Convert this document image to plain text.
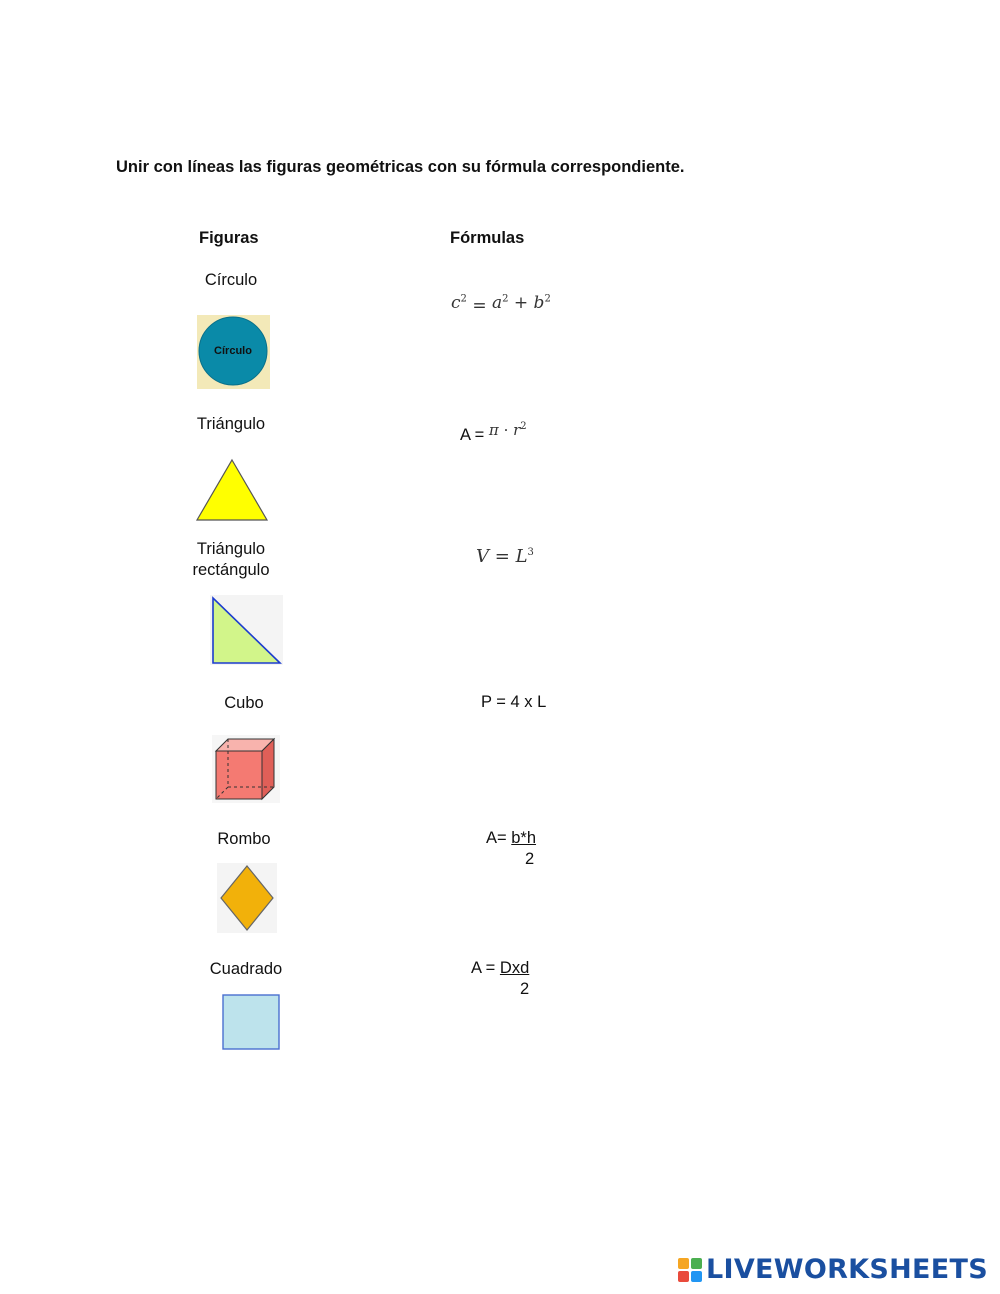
Unir con líneas las figuras geométricas con su fórmula correspondiente.
Figuras	Fórmulas
Círculo
Círculo
Triángulo
Triángulo
rectángulo
Cubo
Rombo
Cuadrado
$c^2 = a^2 + b^2$
$A = \pi \cdot r^2$
$V = L^3$
P = 4 x L
A= b*h
2
A = Dxd
2
LIVEWORKSHEETS
